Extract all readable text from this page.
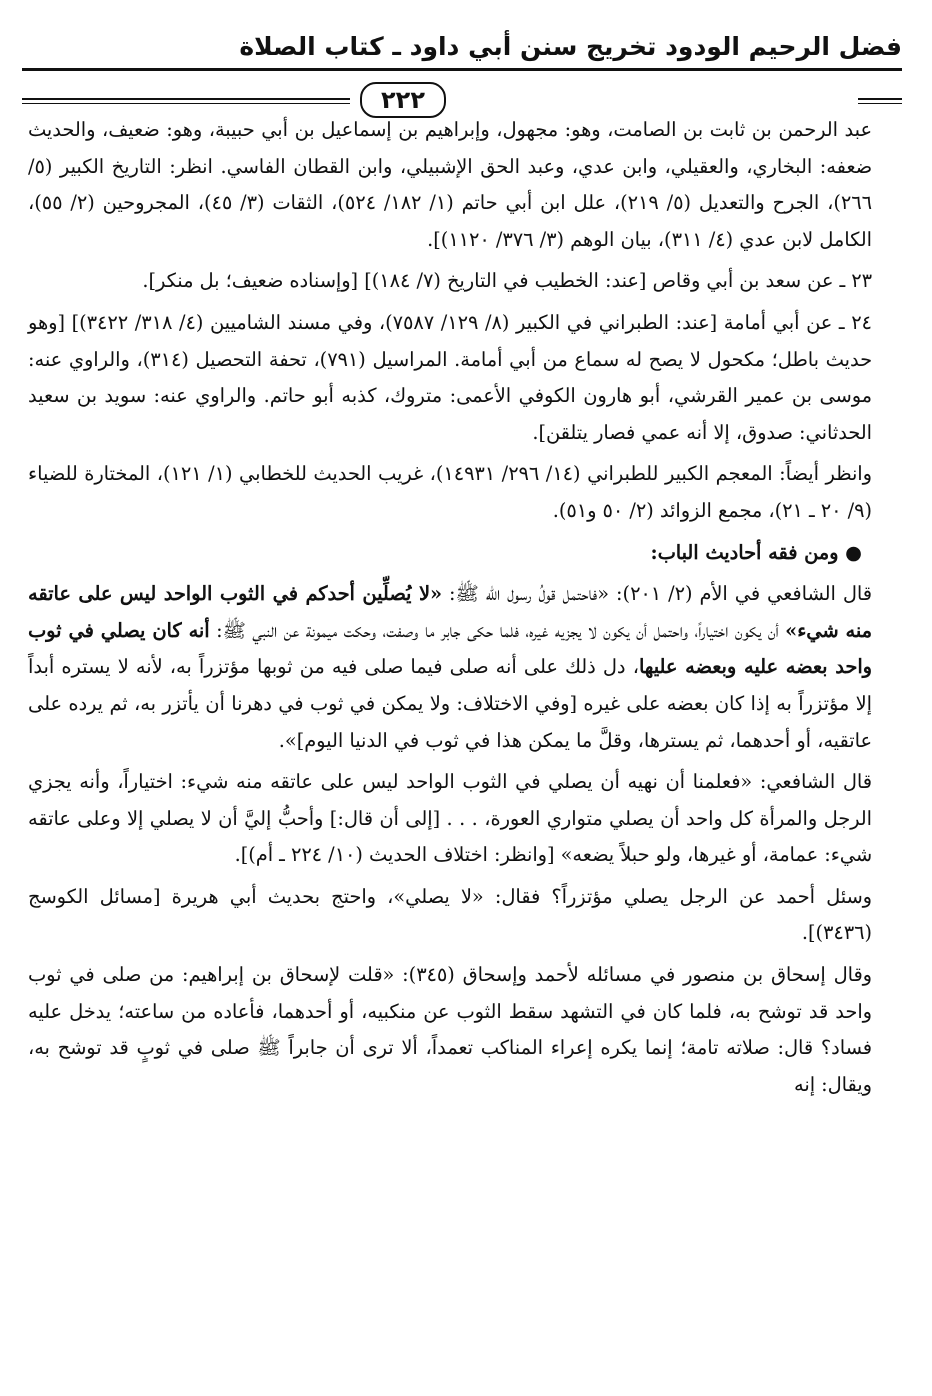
فضل الرحيم الودود تخريج سنن أبي داود ـ كتاب الصلاة
٢٢٢

عبد الرحمن بن ثابت بن الصامت، وهو: مجهول، وإبراهيم بن إسماعيل بن أبي حبيبة، وهو: ضعيف، والحديث ضعفه: البخاري، والعقيلي، وابن عدي، وعبد الحق الإشبيلي، وابن القطان الفاسي. انظر: التاريخ الكبير (٥/ ٢٦٦)، الجرح والتعديل (٥/ ٢١٩)، علل ابن أبي حاتم (١/ ١٨٢/ ٥٢٤)، الثقات (٣/ ٤٥)، المجروحين (٢/ ٥٥)، الكامل لابن عدي (٤/ ٣١١)، بيان الوهم (٣/ ٣٧٦/ ١١٢٠)].

٢٣ ـ عن سعد بن أبي وقاص [عند: الخطيب في التاريخ (٧/ ١٨٤)] [وإسناده ضعيف؛ بل منكر].

٢٤ ـ عن أبي أمامة [عند: الطبراني في الكبير (٨/ ١٢٩/ ٧٥٨٧)، وفي مسند الشاميين (٤/ ٣١٨/ ٣٤٢٢)] [وهو حديث باطل؛ مكحول لا يصح له سماع من أبي أمامة. المراسيل (٧٩١)، تحفة التحصيل (٣١٤)، والراوي عنه: موسى بن عمير القرشي، أبو هارون الكوفي الأعمى: متروك، كذبه أبو حاتم. والراوي عنه: سويد بن سعيد الحدثاني: صدوق، إلا أنه عمي فصار يتلقن].

وانظر أيضاً: المعجم الكبير للطبراني (١٤/ ٢٩٦/ ١٤٩٣١)، غريب الحديث للخطابي (١/ ١٢١)، المختارة للضياء (٩/ ٢٠ ـ ٢١)، مجمع الزوائد (٢/ ٥٠ و٥١).

● ومن فقه أحاديث الباب:

قال الشافعي في الأم (٢/ ٢٠١): «فاحتمل قولُ رسول الله ﷺ: «لا يُصلِّين أحدكم في الثوب الواحد ليس على عاتقه منه شيء» أن يكون اختياراً، واحتمل أن يكون لا يجزيه غيره، فلما حكى جابر ما وصفت، وحكت ميمونة عن النبي ﷺ: أنه كان يصلي في ثوب واحد بعضه عليه وبعضه عليها، دل ذلك على أنه صلى فيما صلى فيه من ثوبها مؤتزراً به، لأنه لا يستره أبداً إلا مؤتزراً به إذا كان بعضه على غيره [وفي الاختلاف: ولا يمكن في ثوب في دهرنا أن يأتزر به، ثم يرده على عاتقيه، أو أحدهما، ثم يسترها، وقلَّ ما يمكن هذا في ثوب في الدنيا اليوم]».

قال الشافعي: «فعلمنا أن نهيه أن يصلي في الثوب الواحد ليس على عاتقه منه شيء: اختياراً، وأنه يجزي الرجل والمرأة كل واحد أن يصلي متواري العورة، . . . [إلى أن قال:] وأحبُّ إليَّ أن لا يصلي إلا وعلى عاتقه شيء: عمامة، أو غيرها، ولو حبلاً يضعه» [وانظر: اختلاف الحديث (١٠/ ٢٢٤ ـ أم)].

وسئل أحمد عن الرجل يصلي مؤتزراً؟ فقال: «لا يصلي»، واحتج بحديث أبي هريرة [مسائل الكوسج (٣٤٣٦)].

وقال إسحاق بن منصور في مسائله لأحمد وإسحاق (٣٤٥): «قلت لإسحاق بن إبراهيم: من صلى في ثوب واحد قد توشح به، فلما كان في التشهد سقط الثوب عن منكبيه، أو أحدهما، فأعاده من ساعته؛ يدخل عليه فساد؟ قال: صلاته تامة؛ إنما يكره إعراء المناكب تعمداً، ألا ترى أن جابراً ﷺ صلى في ثوبٍ قد توشح به، ويقال: إنه
